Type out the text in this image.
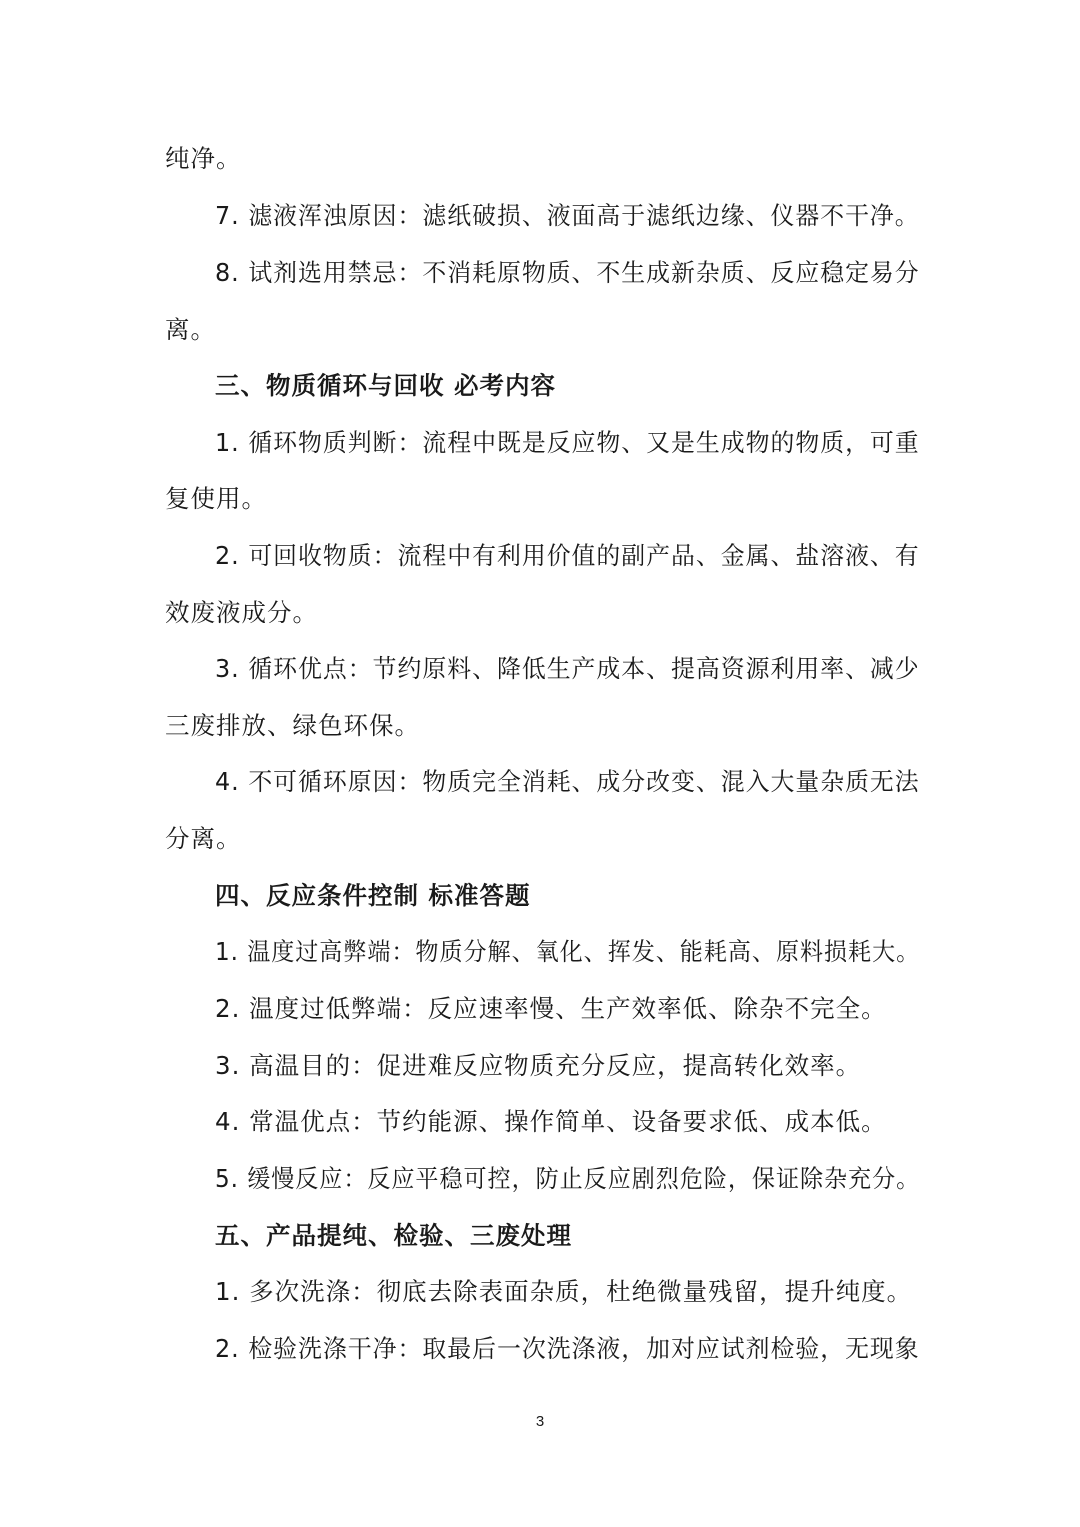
纯净。
7. 滤液浑浊原因：滤纸破损、液面高于滤纸边缘、仪器不干净。
8. 试剂选用禁忌：不消耗原物质、不生成新杂质、反应稳定易分
离。
三、物质循环与回收 必考内容
1. 循环物质判断：流程中既是反应物、又是生成物的物质，可重
复使用。
2. 可回收物质：流程中有利用价值的副产品、金属、盐溶液、有
效废液成分。
3. 循环优点：节约原料、降低生产成本、提高资源利用率、减少
三废排放、绿色环保。
4. 不可循环原因：物质完全消耗、成分改变、混入大量杂质无法
分离。
四、反应条件控制 标准答题
1. 温度过高弊端：物质分解、氧化、挥发、能耗高、原料损耗大。
2. 温度过低弊端：反应速率慢、生产效率低、除杂不完全。
3. 高温目的：促进难反应物质充分反应，提高转化效率。
4. 常温优点：节约能源、操作简单、设备要求低、成本低。
5. 缓慢反应：反应平稳可控，防止反应剧烈危险，保证除杂充分。
五、产品提纯、检验、三废处理
1. 多次洗涤：彻底去除表面杂质，杜绝微量残留，提升纯度。
2. 检验洗涤干净：取最后一次洗涤液，加对应试剂检验，无现象
3
